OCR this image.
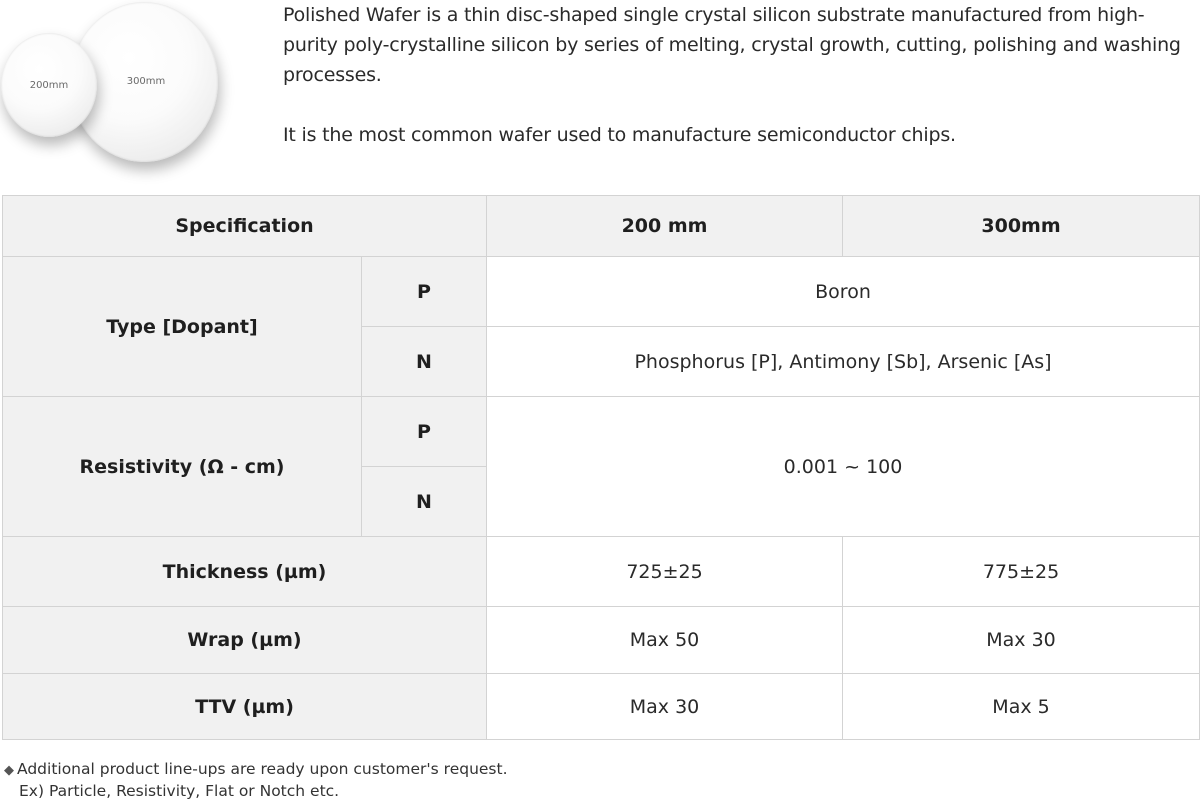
300mm
200mm

Polished Wafer is a thin disc-shaped single crystal silicon substrate manufactured from high-purity poly-crystalline silicon by series of melting, crystal growth, cutting, polishing and washing processes.

It is the most common wafer used to manufacture semiconductor chips.

Specification		200 mm	300mm
Type [Dopant]	P	Boron	
	N	Phosphorus [P], Antimony [Sb], Arsenic [As]	
Resistivity (Ω - cm)	P	0.001 ~ 100	
	N		
Thickness (µm)		725±25	775±25
Wrap (µm)		Max 50	Max 30
TTV (µm)		Max 30	Max 5
◆ Additional product line-ups are ready upon customer's request.
Ex) Particle, Resistivity, Flat or Notch etc.
